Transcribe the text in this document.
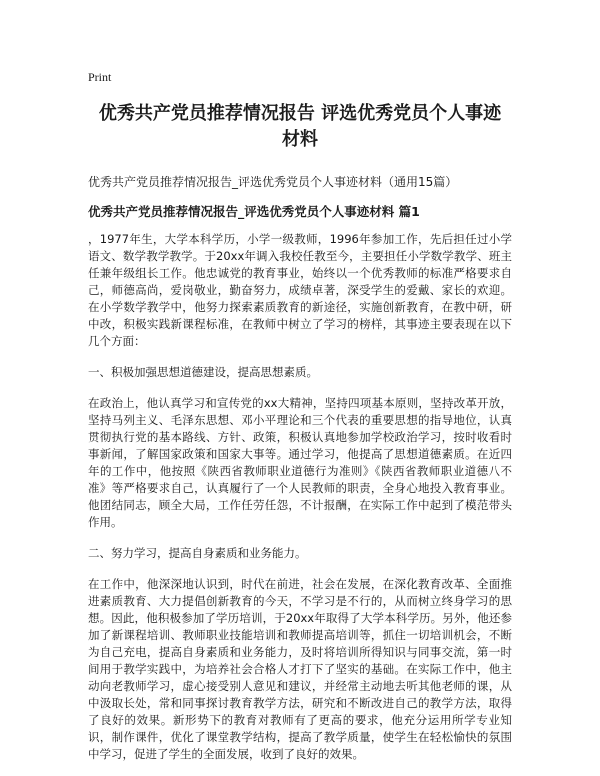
Print
优秀共产党员推荐情况报告 评选优秀党员个人事迹材料
优秀共产党员推荐情况报告_评选优秀党员个人事迹材料（通用15篇）
优秀共产党员推荐情况报告_评选优秀党员个人事迹材料 篇1

，1977年生，大学本科学历，小学一级教师，1996年参加工作，先后担任过小学语文、数学教学教学。于20xx年调入我校任教至今，主要担任小学数学教学、班主任兼年级组长工作。他忠诚党的教育事业，始终以一个优秀教师的标准严格要求自己，师德高尚，爱岗敬业，勤奋努力，成绩卓著，深受学生的爱戴、家长的欢迎。在小学数学教学中，他努力探索素质教育的新途径，实施创新教育，在教中研，研中改，积极实践新课程标准，在教师中树立了学习的榜样，其事迹主要表现在以下几个方面：

一、积极加强思想道德建设，提高思想素质。

在政治上，他认真学习和宣传党的xx大精神，坚持四项基本原则，坚持改革开放，坚持马列主义、毛泽东思想、邓小平理论和三个代表的重要思想的指导地位，认真贯彻执行党的基本路线、方针、政策，积极认真地参加学校政治学习，按时收看时事新闻，了解国家政策和国家大事等。通过学习，他提高了思想道德素质。在近四年的工作中，他按照《陕西省教师职业道德行为准则》《陕西省教师职业道德八不准》等严格要求自己，认真履行了一个人民教师的职责，全身心地投入教育事业。他团结同志，顾全大局，工作任劳任怨，不计报酬，在实际工作中起到了模范带头作用。

二、努力学习，提高自身素质和业务能力。

在工作中，他深深地认识到，时代在前进，社会在发展，在深化教育改革、全面推进素质教育、大力提倡创新教育的今天，不学习是不行的，从而树立终身学习的思想。因此，他积极参加了学历培训，于20xx年取得了大学本科学历。另外，他还参加了新课程培训、教师职业技能培训和教师提高培训等，抓住一切培训机会，不断为自己充电，提高自身素质和业务能力，及时将培训所得知识与同事交流，第一时间用于教学实践中，为培养社会合格人才打下了坚实的基础。在实际工作中，他主动向老教师学习，虚心接受别人意见和建议，并经常主动地去听其他老师的课，从中汲取长处，常和同事探讨教育教学方法，研究和不断改进自己的教学方法，取得了良好的效果。新形势下的教育对教师有了更高的要求，他充分运用所学专业知识，制作课件，优化了课堂教学结构，提高了教学质量，使学生在轻松愉快的氛围中学习，促进了学生的全面发展，收到了良好的效果。
